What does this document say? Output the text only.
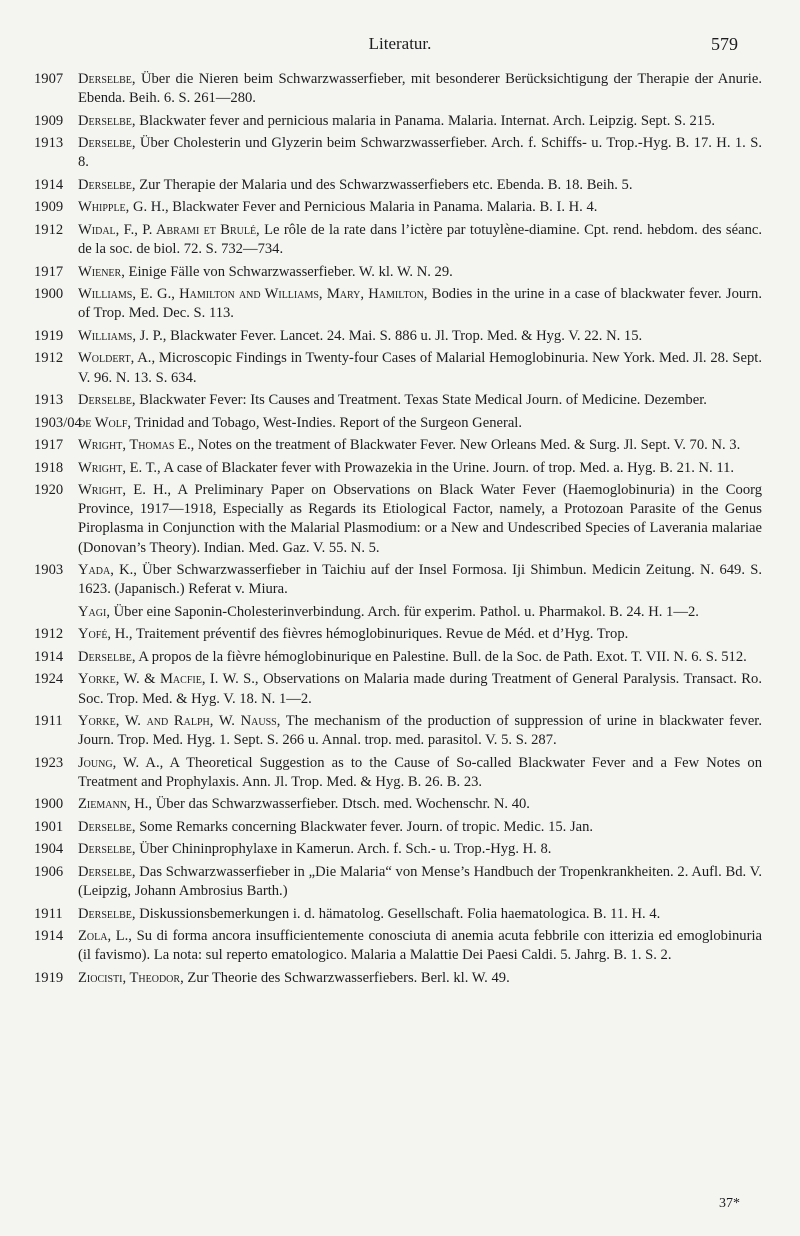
Literatur.	579

1907 Derselbe, Über die Nieren beim Schwarzwasserfieber, mit besonderer Berücksichtigung der Therapie der Anurie. Ebenda. Beih. 6. S. 261—280.

1909 Derselbe, Blackwater fever and pernicious malaria in Panama. Malaria. Internat. Arch. Leipzig. Sept. S. 215.

1913 Derselbe, Über Cholesterin und Glyzerin beim Schwarzwasserfieber. Arch. f. Schiffs- u. Trop.-Hyg. B. 17. H. 1. S. 8.

1914 Derselbe, Zur Therapie der Malaria und des Schwarzwasserfiebers etc. Ebenda. B. 18. Beih. 5.

1909 Whipple, G. H., Blackwater Fever and Pernicious Malaria in Panama. Malaria. B. I. H. 4.

1912 Widal, F., P. Abrami et Brulé, Le rôle de la rate dans l’ictère par totuylène-diamine. Cpt. rend. hebdom. des séanc. de la soc. de biol. 72. S. 732—734.

1917 Wiener, Einige Fälle von Schwarzwasserfieber. W. kl. W. N. 29.

1900 Williams, E. G., Hamilton and Williams, Mary, Hamilton, Bodies in the urine in a case of blackwater fever. Journ. of Trop. Med. Dec. S. 113.

1919 Williams, J. P., Blackwater Fever. Lancet. 24. Mai. S. 886 u. Jl. Trop. Med. & Hyg. V. 22. N. 15.

1912 Woldert, A., Microscopic Findings in Twenty-four Cases of Malarial Hemoglobinuria. New York. Med. Jl. 28. Sept. V. 96. N. 13. S. 634.

1913 Derselbe, Blackwater Fever: Its Causes and Treatment. Texas State Medical Journ. of Medicine. Dezember.

1903/04de Wolf, Trinidad and Tobago, West-Indies. Report of the Surgeon General.

1917 Wright, Thomas E., Notes on the treatment of Blackwater Fever. New Orleans Med. & Surg. Jl. Sept. V. 70. N. 3.

1918 Wright, E. T., A case of Blackater fever with Prowazekia in the Urine. Journ. of trop. Med. a. Hyg. B. 21. N. 11.

1920 Wright, E. H., A Preliminary Paper on Observations on Black Water Fever (Haemoglobinuria) in the Coorg Province, 1917—1918, Especially as Regards its Etiological Factor, namely, a Protozoan Parasite of the Genus Piroplasma in Conjunction with the Malarial Plasmodium: or a New and Undescribed Species of Laverania malariae (Donovan’s Theory). Indian. Med. Gaz. V. 55. N. 5.

1903 Yada, K., Über Schwarzwasserfieber in Taichiu auf der Insel Formosa. Iji Shimbun. Medicin Zeitung. N. 649. S. 1623. (Japanisch.) Referat v. Miura.

Yagi, Über eine Saponin-Cholesterinverbindung. Arch. für experim. Pathol. u. Pharmakol. B. 24. H. 1—2.

1912 Yofé, H., Traitement préventif des fièvres hémoglobinuriques. Revue de Méd. et d’Hyg. Trop.

1914 Derselbe, A propos de la fièvre hémoglobinurique en Palestine. Bull. de la Soc. de Path. Exot. T. VII. N. 6. S. 512.

1924 Yorke, W. & Macfie, I. W. S., Observations on Malaria made during Treatment of General Paralysis. Transact. Ro. Soc. Trop. Med. & Hyg. V. 18. N. 1—2.

1911 Yorke, W. and Ralph, W. Nauss, The mechanism of the production of suppression of urine in blackwater fever. Journ. Trop. Med. Hyg. 1. Sept. S. 266 u. Annal. trop. med. parasitol. V. 5. S. 287.

1923 Joung, W. A., A Theoretical Suggestion as to the Cause of So-called Blackwater Fever and a Few Notes on Treatment and Prophylaxis. Ann. Jl. Trop. Med. & Hyg. B. 26. B. 23.

1900 Ziemann, H., Über das Schwarzwasserfieber. Dtsch. med. Wochenschr. N. 40.

1901 Derselbe, Some Remarks concerning Blackwater fever. Journ. of tropic. Medic. 15. Jan.

1904 Derselbe, Über Chininprophylaxe in Kamerun. Arch. f. Sch.- u. Trop.-Hyg. H. 8.

1906 Derselbe, Das Schwarzwasserfieber in „Die Malaria“ von Mense’s Handbuch der Tropenkrankheiten. 2. Aufl. Bd. V. (Leipzig, Johann Ambrosius Barth.)

1911 Derselbe, Diskussionsbemerkungen i. d. hämatolog. Gesellschaft. Folia haematologica. B. 11. H. 4.

1914 Zola, L., Su di forma ancora insufficientemente conosciuta di anemia acuta febbrile con itterizia ed emoglobinuria (il favismo). La nota: sul reperto ematologico. Malaria a Malattie Dei Paesi Caldi. 5. Jahrg. B. 1. S. 2.

1919 Ziocisti, Theodor, Zur Theorie des Schwarzwasserfiebers. Berl. kl. W. 49.

37*
